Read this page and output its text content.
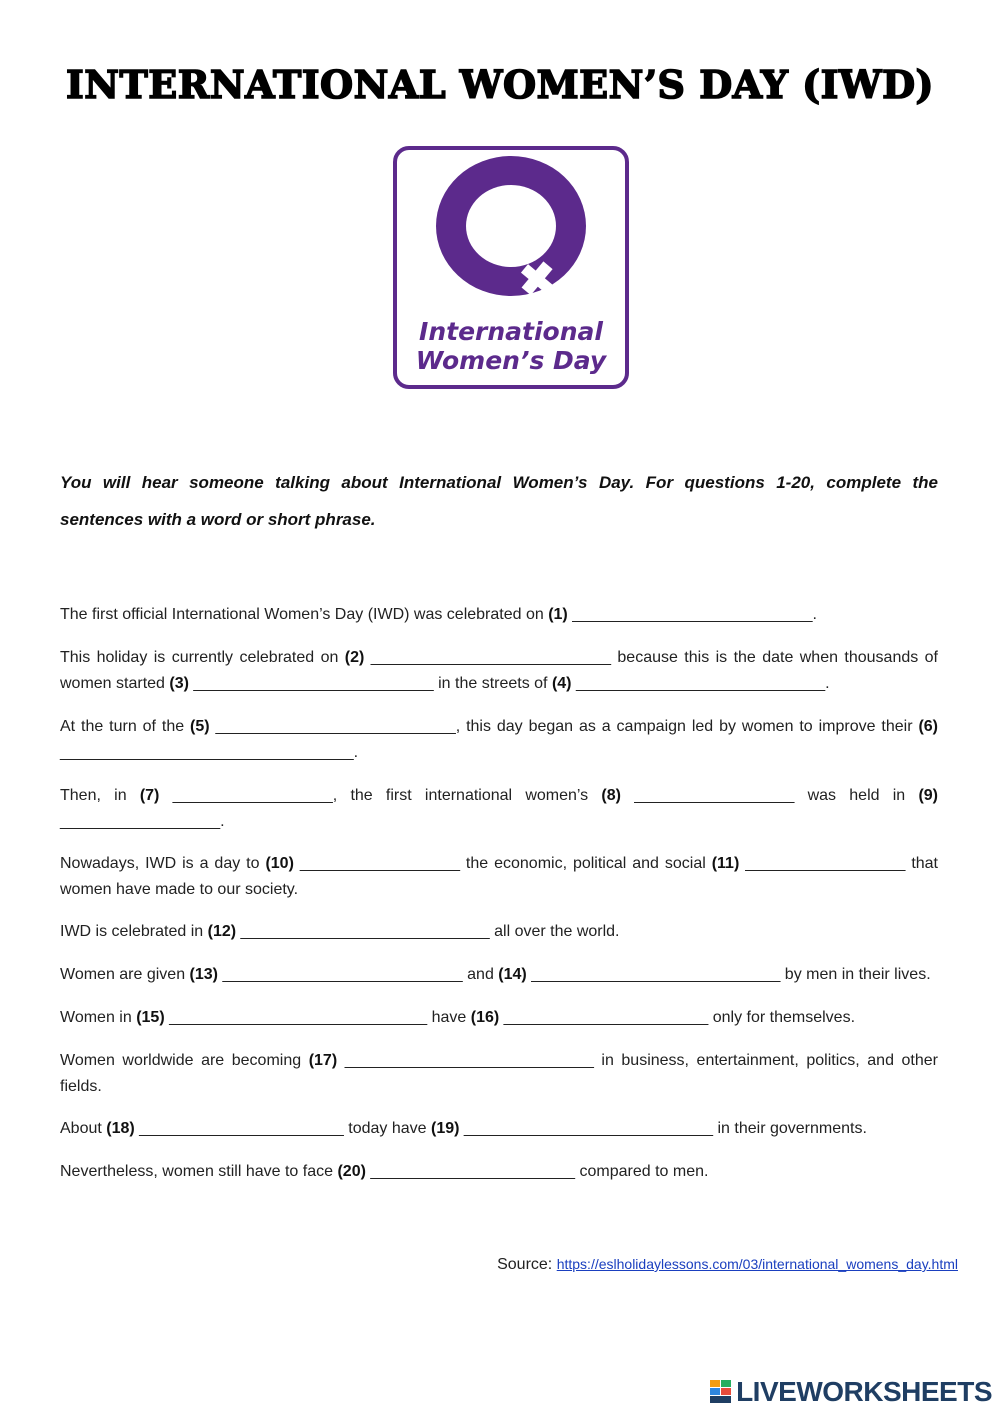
INTERNATIONAL WOMEN’S DAY (IWD)
International
Women’s Day
You will hear someone talking about International Women’s Day. For questions 1-20, complete the sentences with a word or short phrase.
The first official International Women’s Day (IWD) was celebrated on (1) ___________________________.
This holiday is currently celebrated on (2) ___________________________ because this is the date when thousands of women started (3) ___________________________ in the streets of (4) ____________________________.
At the turn of the (5) ___________________________, this day began as a campaign led by women to improve their (6) _________________________________.
Then, in (7) __________________, the first international women’s (8) __________________ was held in (9) __________________.
Nowadays, IWD is a day to (10) __________________ the economic, political and social (11) __________________ that women have made to our society.
IWD is celebrated in (12) ____________________________ all over the world.
Women are given (13) ___________________________ and (14) ____________________________ by men in their lives.
Women in (15) _____________________________ have (16) _______________________ only for themselves.
Women worldwide are becoming (17) ____________________________ in business, entertainment, politics, and other fields.
About (18) _______________________ today have (19) ____________________________ in their governments.
Nevertheless, women still have to face (20) _______________________ compared to men.
Source: https://eslholidaylessons.com/03/international_womens_day.html
LIVEWORKSHEETS
